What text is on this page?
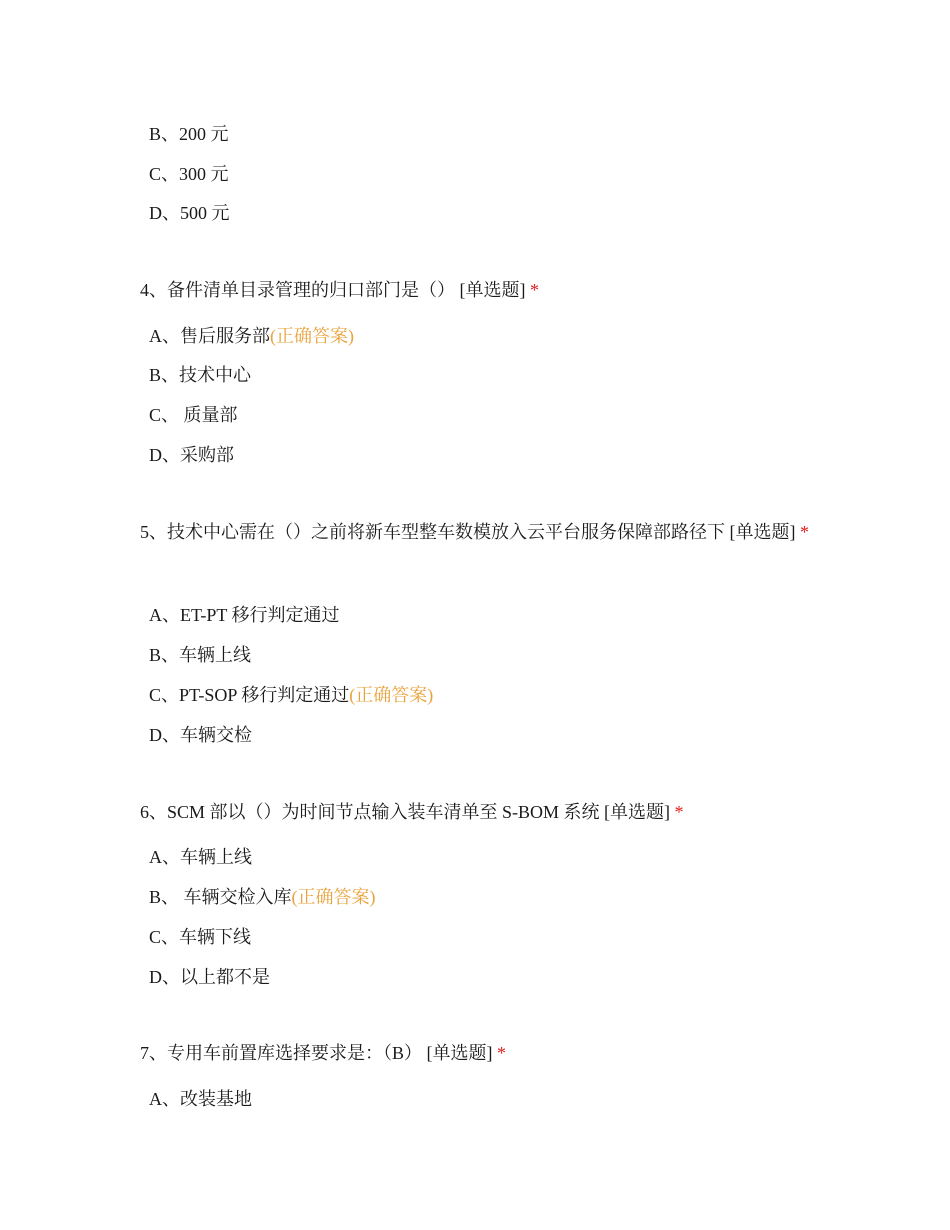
B、200 元
C、300 元
D、500 元
4、备件清单目录管理的归口部门是（） [单选题] *
A、售后服务部(正确答案)
B、技术中心
C、 质量部
D、采购部
5、技术中心需在（）之前将新车型整车数模放入云平台服务保障部路径下 [单选题] *
A、ET-PT 移行判定通过
B、车辆上线
C、PT-SOP 移行判定通过(正确答案)
D、车辆交检
6、SCM 部以（）为时间节点输入装车清单至 S-BOM 系统 [单选题] *
A、车辆上线
B、 车辆交检入库(正确答案)
C、车辆下线
D、以上都不是
7、专用车前置库选择要求是：（B） [单选题] *
A、改装基地
